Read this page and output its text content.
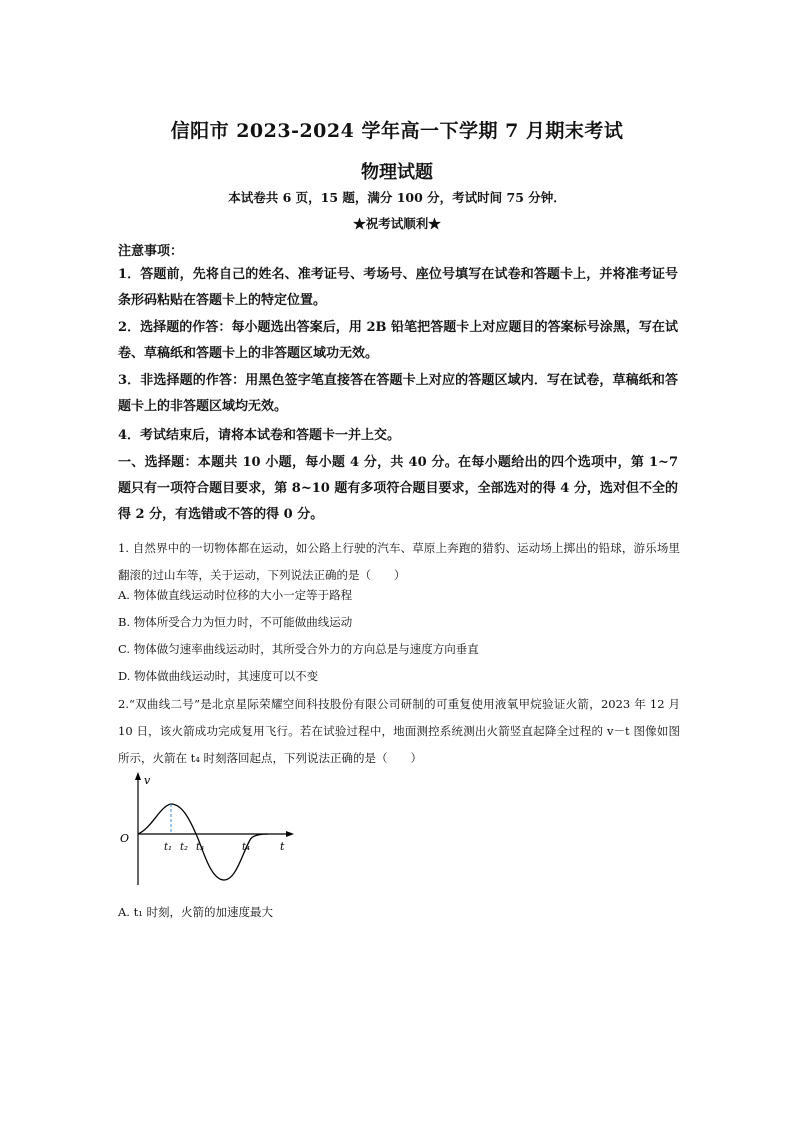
信阳市 2023-2024 学年高一下学期 7 月期末考试
物理试题
本试卷共 6 页，15 题，满分 100 分，考试时间 75 分钟．
★祝考试顺利★
注意事项：
1．答题前，先将自己的姓名、准考证号、考场号、座位号填写在试卷和答题卡上，并将准考证号条形码粘贴在答题卡上的特定位置。
2．选择题的作答：每小题选出答案后，用 2B 铅笔把答题卡上对应题目的答案标号涂黑，写在试卷、草稿纸和答题卡上的非答题区域功无效。
3．非选择题的作答：用黑色签字笔直接答在答题卡上对应的答题区域内．写在试卷，草稿纸和答题卡上的非答题区域均无效。
4．考试结束后，请将本试卷和答题卡一并上交。
一、选择题：本题共 10 小题，每小题 4 分，共 40 分。在每小题给出的四个选项中，第 1~7 题只有一项符合题目要求，第 8~10 题有多项符合题目要求，全部选对的得 4 分，选对但不全的得 2 分，有选错或不答的得 0 分。
1. 自然界中的一切物体都在运动，如公路上行驶的汽车、草原上奔跑的猎豹、运动场上掷出的铅球，游乐场里翻滚的过山车等，关于运动，下列说法正确的是（　　）
A. 物体做直线运动时位移的大小一定等于路程
B. 物体所受合力为恒力时，不可能做曲线运动
C. 物体做匀速率曲线运动时，其所受合外力的方向总是与速度方向垂直
D. 物体做曲线运动时，其速度可以不变
2.“双曲线二号”是北京星际荣耀空间科技股份有限公司研制的可重复使用液氧甲烷验证火箭，2023 年 12 月 10 日，该火箭成功完成复用飞行。若在试验过程中，地面测控系统测出火箭竖直起降全过程的 v－t 图像如图所示，火箭在 t₄ 时刻落回起点，下列说法正确的是（　　）
v
O
t₁ t₂ t₃	t₄	t
A. t₁ 时刻，火箭的加速度最大
